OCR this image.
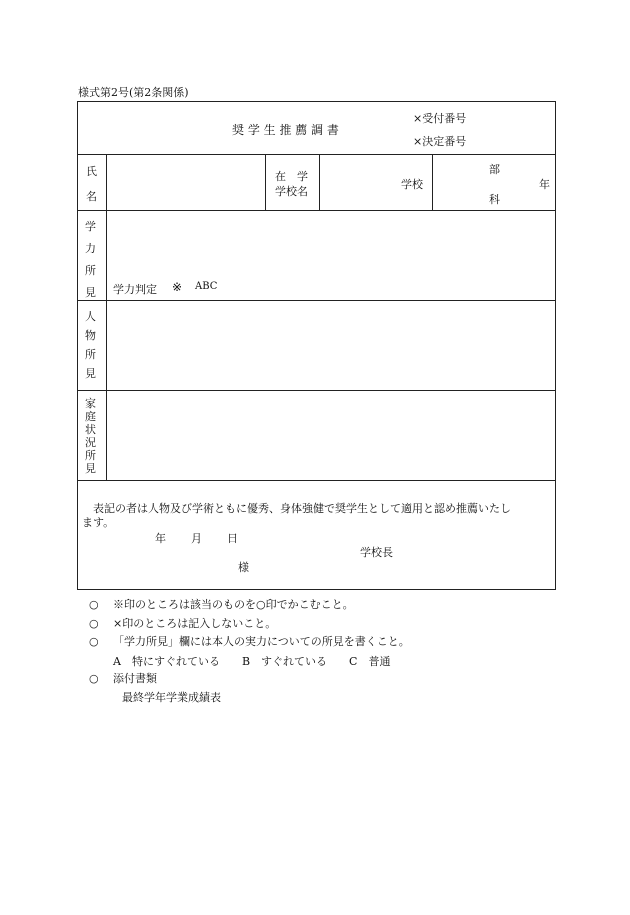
様式第2号(第2条関係)
奨 学 生 推 薦 調 書
×受付番号
×決定番号
氏
名
在　学
学校名
学校
部
科
年
学
力
所
見 学力判定 ※ ABC
人
物
所
見
家
庭
状
況
所
見
表記の者は人物及び学術ともに優秀、身体強健で奨学生として適用と認め推薦いたし
ます。
年 月 日
学校長
様
○ ※印のところは該当のものを○印でかこむこと。
○ ×印のところは記入しないこと。
○ 「学力所見」欄には本人の実力についての所見を書くこと。
A　特にすぐれている　　B　すぐれている　　C　普通
○ 添付書類
最終学年学業成績表
